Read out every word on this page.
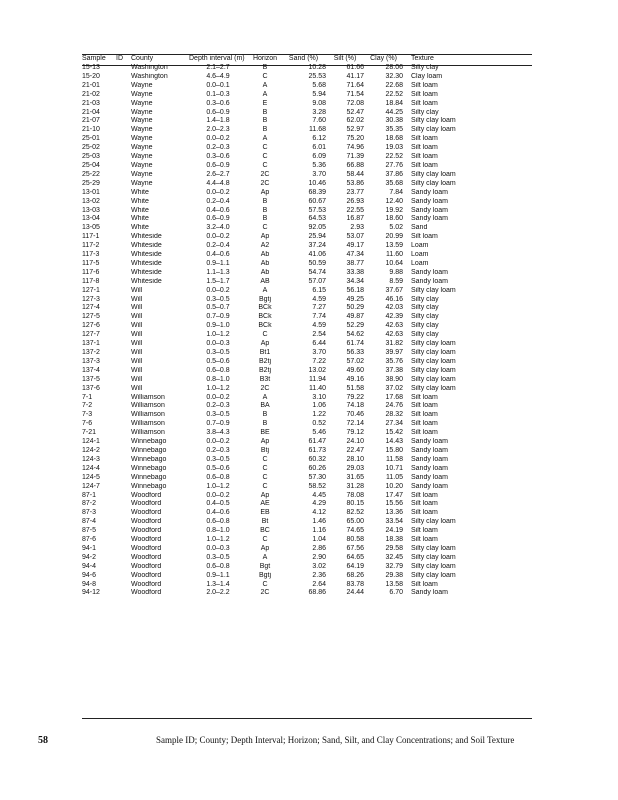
Sample	ID	County	Depth interval (m)	Horizon	Sand (%)	Silt (%)	Clay (%)	Texture
15-13		Washington	2.1–2.7	B	10.28	61.66	28.06	Silty clay
15-20		Washington	4.6–4.9	C	25.53	41.17	32.30	Clay loam
21-01		Wayne	0.0–0.1	A	5.68	71.64	22.68	Silt loam
21-02		Wayne	0.1–0.3	A	5.94	71.54	22.52	Silt loam
21-03		Wayne	0.3–0.6	E	9.08	72.08	18.84	Silt loam
21-04		Wayne	0.6–0.9	B	3.28	52.47	44.25	Silty clay
21-07		Wayne	1.4–1.8	B	7.60	62.02	30.38	Silty clay loam
21-10		Wayne	2.0–2.3	B	11.68	52.97	35.35	Silty clay loam
25-01		Wayne	0.0–0.2	A	6.12	75.20	18.68	Silt loam
25-02		Wayne	0.2–0.3	C	6.01	74.96	19.03	Silt loam
25-03		Wayne	0.3–0.6	C	6.09	71.39	22.52	Silt loam
25-04		Wayne	0.6–0.9	C	5.36	66.88	27.76	Silt loam
25-22		Wayne	2.6–2.7	2C	3.70	58.44	37.86	Silty clay loam
25-29		Wayne	4.4–4.8	2C	10.46	53.86	35.68	Silty clay loam
13-01		White	0.0–0.2	Ap	68.39	23.77	7.84	Sandy loam
13-02		White	0.2–0.4	B	60.67	26.93	12.40	Sandy loam
13-03		White	0.4–0.6	B	57.53	22.55	19.92	Sandy loam
13-04		White	0.6–0.9	B	64.53	16.87	18.60	Sandy loam
13-05		White	3.2–4.0	C	92.05	2.93	5.02	Sand
117-1		Whiteside	0.0–0.2	Ap	25.94	53.07	20.99	Silt loam
117-2		Whiteside	0.2–0.4	A2	37.24	49.17	13.59	Loam
117-3		Whiteside	0.4–0.6	Ab	41.06	47.34	11.60	Loam
117-5		Whiteside	0.9–1.1	Ab	50.59	38.77	10.64	Loam
117-6		Whiteside	1.1–1.3	Ab	54.74	33.38	9.88	Sandy loam
117-8		Whiteside	1.5–1.7	AB	57.07	34.34	8.59	Sandy loam
127-1		Will	0.0–0.2	A	6.15	56.18	37.67	Silty clay loam
127-3		Will	0.3–0.5	Bgtj	4.59	49.25	46.16	Silty clay
127-4		Will	0.5–0.7	BCk	7.27	50.29	42.03	Silty clay
127-5		Will	0.7–0.9	BCk	7.74	49.87	42.39	Silty clay
127-6		Will	0.9–1.0	BCk	4.59	52.29	42.63	Silty clay
127-7		Will	1.0–1.2	C	2.54	54.62	42.63	Silty clay
137-1		Will	0.0–0.3	Ap	6.44	61.74	31.82	Silty clay loam
137-2		Will	0.3–0.5	Bt1	3.70	56.33	39.97	Silty clay loam
137-3		Will	0.5–0.6	B2tj	7.22	57.02	35.76	Silty clay loam
137-4		Will	0.6–0.8	B2tj	13.02	49.60	37.38	Silty clay loam
137-5		Will	0.8–1.0	B3t	11.94	49.16	38.90	Silty clay loam
137-6		Will	1.0–1.2	2C	11.40	51.58	37.02	Silty clay loam
7-1		Williamson	0.0–0.2	A	3.10	79.22	17.68	Silt loam
7-2		Williamson	0.2–0.3	BA	1.06	74.18	24.76	Silt loam
7-3		Williamson	0.3–0.5	B	1.22	70.46	28.32	Silt loam
7-6		Williamson	0.7–0.9	B	0.52	72.14	27.34	Silt loam
7-21		Williamson	3.8–4.3	BE	5.46	79.12	15.42	Silt loam
124-1		Winnebago	0.0–0.2	Ap	61.47	24.10	14.43	Sandy loam
124-2		Winnebago	0.2–0.3	Btj	61.73	22.47	15.80	Sandy loam
124-3		Winnebago	0.3–0.5	C	60.32	28.10	11.58	Sandy loam
124-4		Winnebago	0.5–0.6	C	60.26	29.03	10.71	Sandy loam
124-5		Winnebago	0.6–0.8	C	57.30	31.65	11.05	Sandy loam
124-7		Winnebago	1.0–1.2	C	58.52	31.28	10.20	Sandy loam
87-1		Woodford	0.0–0.2	Ap	4.45	78.08	17.47	Silt loam
87-2		Woodford	0.4–0.5	AE	4.29	80.15	15.56	Silt loam
87-3		Woodford	0.4–0.6	EB	4.12	82.52	13.36	Silt loam
87-4		Woodford	0.6–0.8	Bt	1.46	65.00	33.54	Silty clay loam
87-5		Woodford	0.8–1.0	BC	1.16	74.65	24.19	Silt loam
87-6		Woodford	1.0–1.2	C	1.04	80.58	18.38	Silt loam
94-1		Woodford	0.0–0.3	Ap	2.86	67.56	29.58	Silty clay loam
94-2		Woodford	0.3–0.5	A	2.90	64.65	32.45	Silty clay loam
94-4		Woodford	0.6–0.8	Bgt	3.02	64.19	32.79	Silty clay loam
94-6		Woodford	0.9–1.1	Bgtj	2.36	68.26	29.38	Silty clay loam
94-8		Woodford	1.3–1.4	C	2.64	83.78	13.58	Silt loam
94-12		Woodford	2.0–2.2	2C	68.86	24.44	6.70	Sandy loam
58	Sample ID; County; Depth Interval; Horizon; Sand, Silt, and Clay Concentrations; and Soil Texture
